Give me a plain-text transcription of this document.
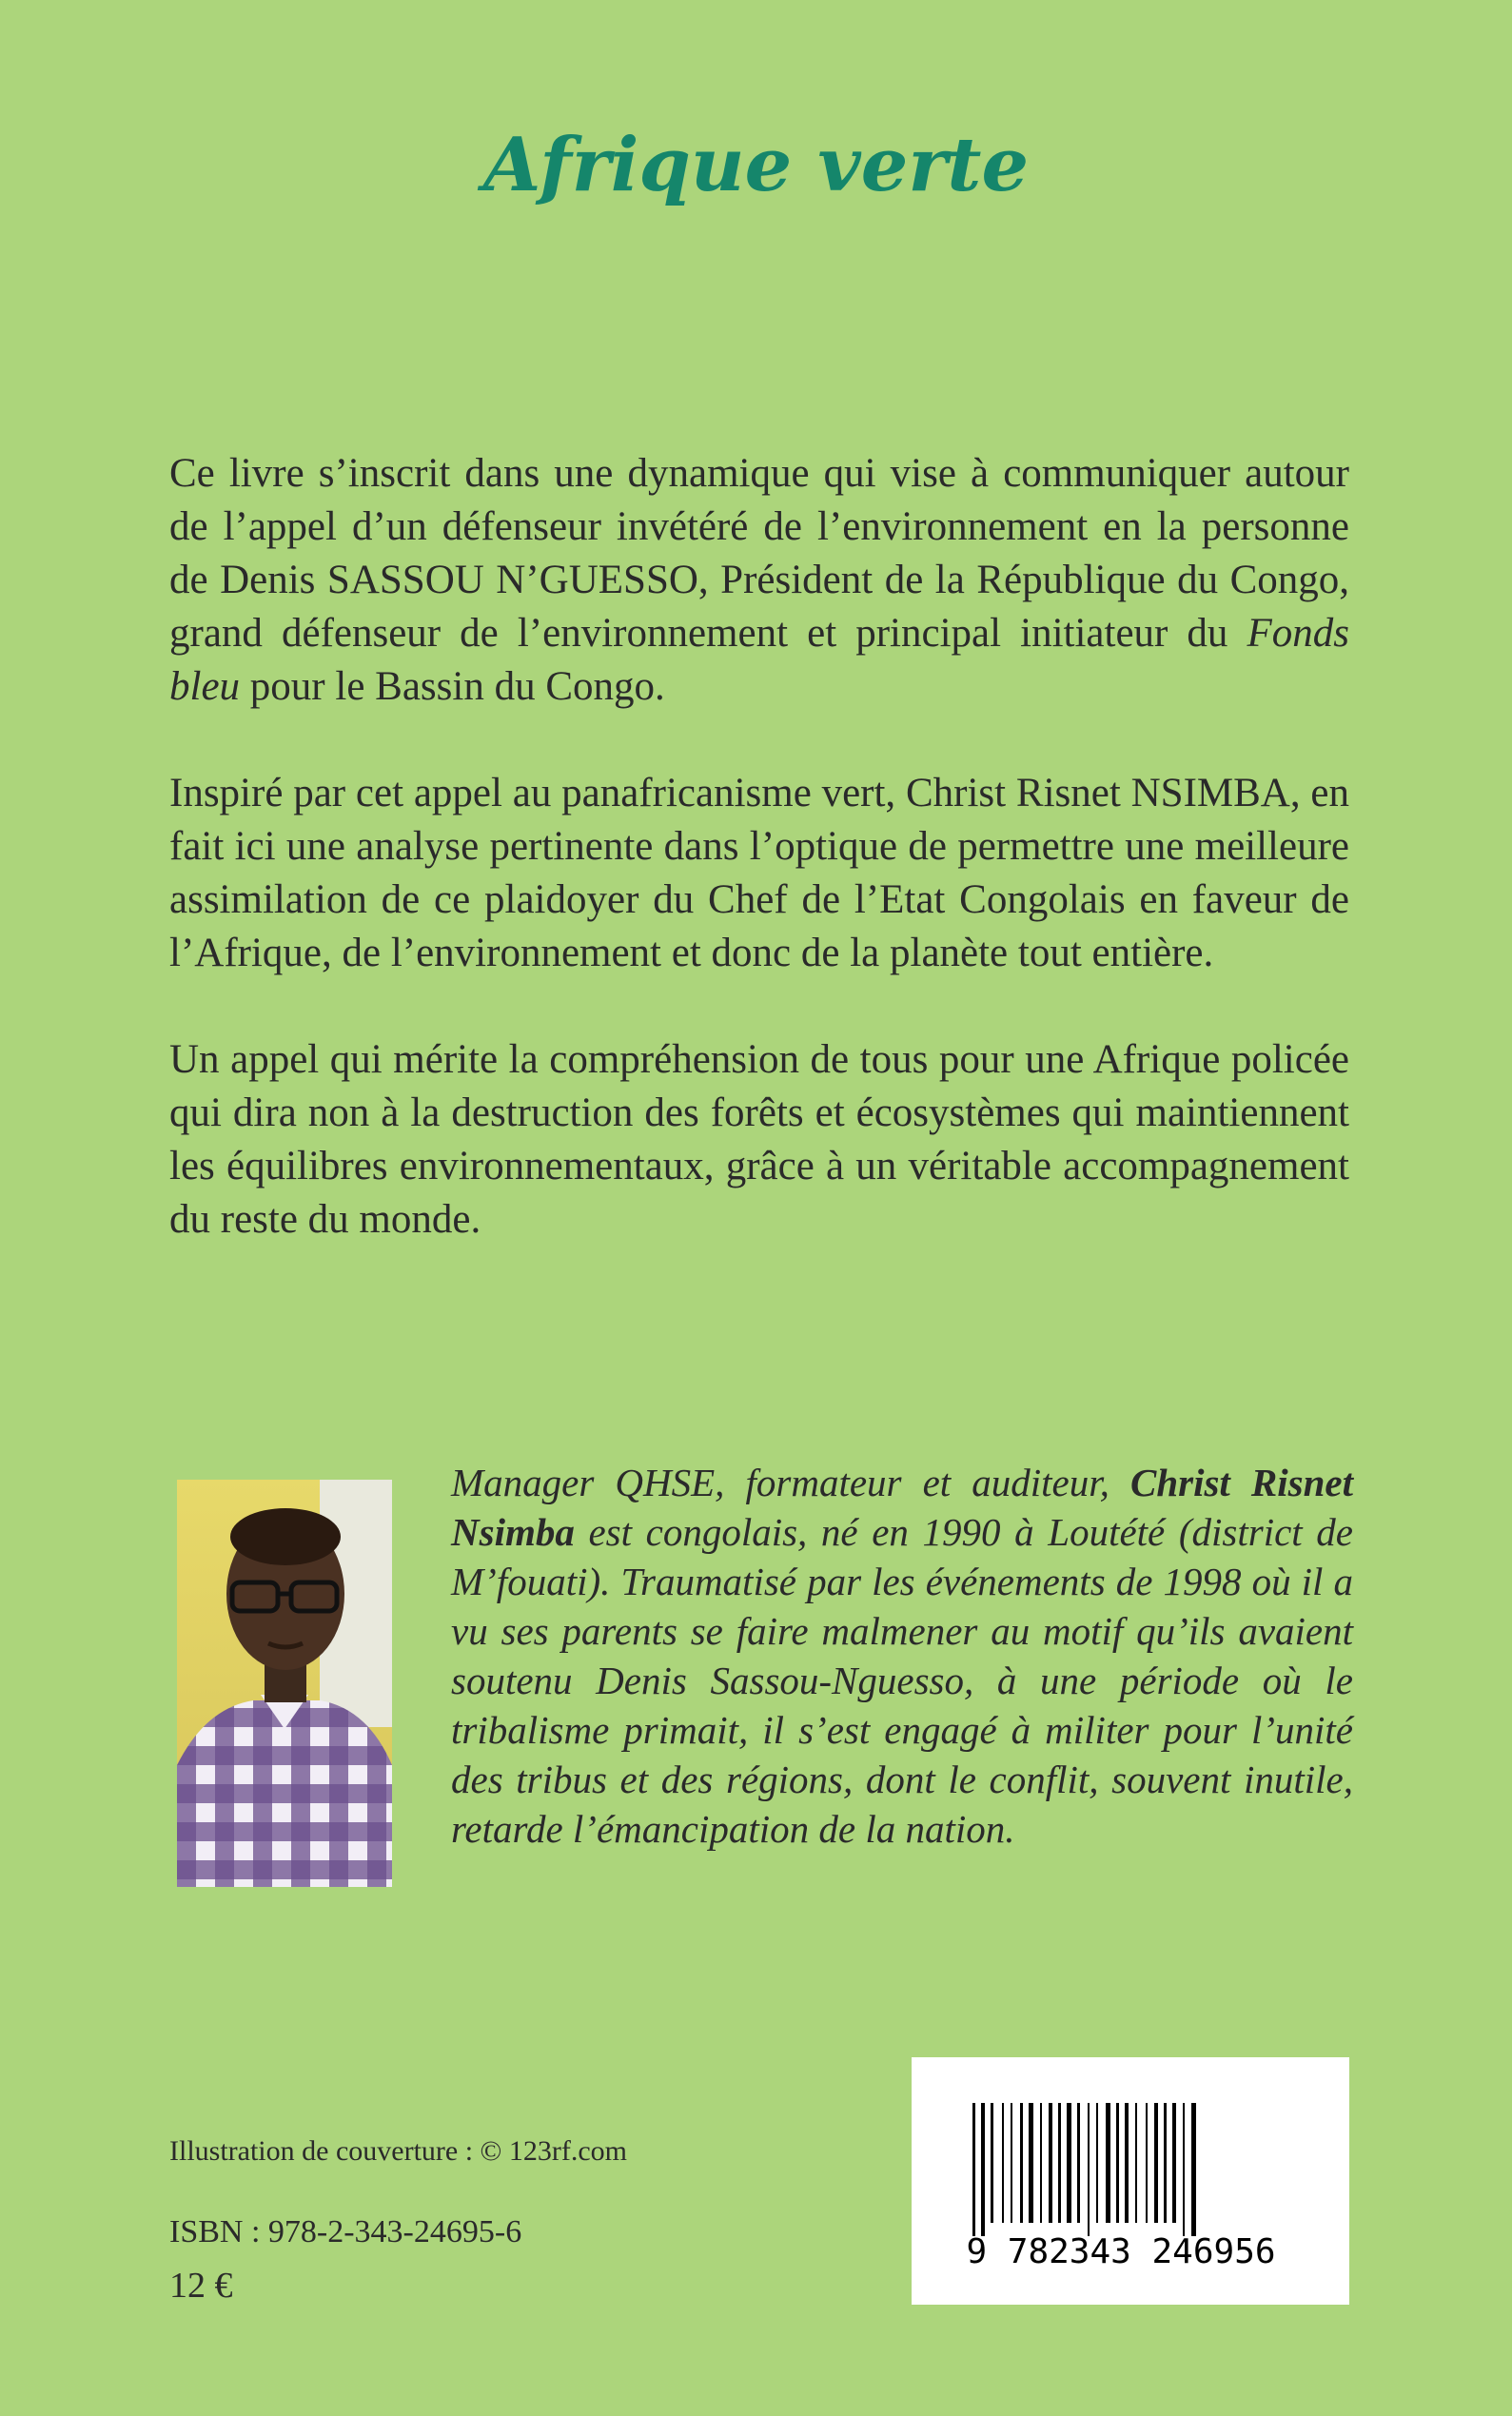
Afrique verte

Ce livre s’inscrit dans une dynamique qui vise à communiquer autour de l’appel d’un défenseur invétéré de l’environnement en la personne de Denis SASSOU N’GUESSO, Président de la République du Congo, grand défenseur de l’environnement et principal initiateur du Fonds bleu pour le Bassin du Congo.

Inspiré par cet appel au panafricanisme vert, Christ Risnet NSIMBA, en fait ici une analyse pertinente dans l’optique de permettre une meilleure assimilation de ce plaidoyer du Chef de l’Etat Congolais en faveur de l’Afrique, de l’environnement et donc de la planète tout entière.

Un appel qui mérite la compréhension de tous pour une Afrique policée qui dira non à la destruction des forêts et écosystèmes qui maintiennent les équilibres environnementaux, grâce à un véritable accompagnement du reste du monde.

Manager QHSE, formateur et auditeur, Christ Risnet Nsimba est congolais, né en 1990 à Loutété (district de M’fouati). Traumatisé par les événements de 1998 où il a vu ses parents se faire malmener au motif qu’ils avaient soutenu Denis Sassou-Nguesso, à une période où le tribalisme primait, il s’est engagé à militer pour l’unité des tribus et des régions, dont le conflit, souvent inutile, retarde l’émancipation de la nation.
Illustration de couverture : © 123rf.com
ISBN : 978-2-343-24695-6
12 €
9 782343 246956
